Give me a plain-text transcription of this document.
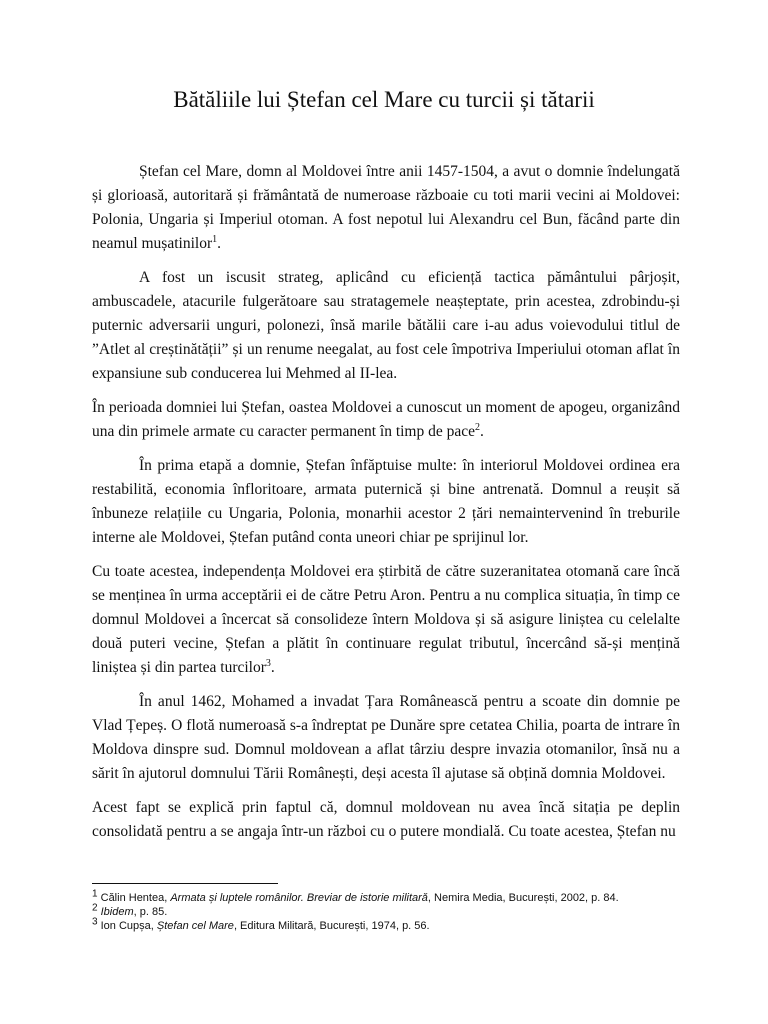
Bătăliile lui Ștefan cel Mare cu turcii și tătarii

Ștefan cel Mare, domn al Moldovei între anii 1457-1504, a avut o domnie îndelungată și glorioasă, autoritară și frământată de numeroase războaie cu toti marii vecini ai Moldovei: Polonia, Ungaria și Imperiul otoman. A fost nepotul lui Alexandru cel Bun, făcând parte din neamul mușatinilor$^1$.

A fost un iscusit strateg, aplicând cu eficiență tactica pământului pârjoșit, ambuscadele, atacurile fulgerătoare sau stratagemele neașteptate, prin acestea, zdrobindu-și puternic adversarii unguri, polonezi, însă marile bătălii care i-au adus voievodului titlul de ”Atlet al creștinătății” și un renume neegalat, au fost cele împotriva Imperiului otoman aflat în expansiune sub conducerea lui Mehmed al II-lea.

În perioada domniei lui Ștefan, oastea Moldovei a cunoscut un moment de apogeu, organizând una din primele armate cu caracter permanent în timp de pace$^2$.

În prima etapă a domnie, Ștefan înfăptuise multe: în interiorul Moldovei ordinea era restabilită, economia înfloritoare, armata puternică și bine antrenată. Domnul a reușit să înbuneze relațiile cu Ungaria, Polonia, monarhii acestor 2 țări nemaintervenind în treburile interne ale Moldovei, Ștefan putând conta uneori chiar pe sprijinul lor.

Cu toate acestea, independența Moldovei era știrbită de către suzeranitatea otomană care încă se menținea în urma acceptării ei de către Petru Aron. Pentru a nu complica situația, în timp ce domnul Moldovei a încercat să consolideze întern Moldova și să asigure liniștea cu celelalte două puteri vecine, Ștefan a plătit în continuare regulat tributul, încercând să-și mențină liniștea și din partea turcilor$^3$.

În anul 1462, Mohamed a invadat Țara Românească pentru a scoate din domnie pe Vlad Țepeș. O flotă numeroasă s-a îndreptat pe Dunăre spre cetatea Chilia, poarta de intrare în Moldova dinspre sud. Domnul moldovean a aflat târziu despre invazia otomanilor, însă nu a sărit în ajutorul domnului Tării Românești, deși acesta îl ajutase să obțină domnia Moldovei.

Acest fapt se explică prin faptul că, domnul moldovean nu avea încă sitația pe deplin consolidată pentru a se angaja într-un război cu o putere mondială. Cu toate acestea, Ștefan nu

$^1$ Călin Hentea, Armata și luptele românilor. Breviar de istorie militară, Nemira Media, București, 2002, p. 84.
$^2$ Ibidem, p. 85.
$^3$ Ion Cupșa, Ștefan cel Mare, Editura Militară, București, 1974, p. 56.
